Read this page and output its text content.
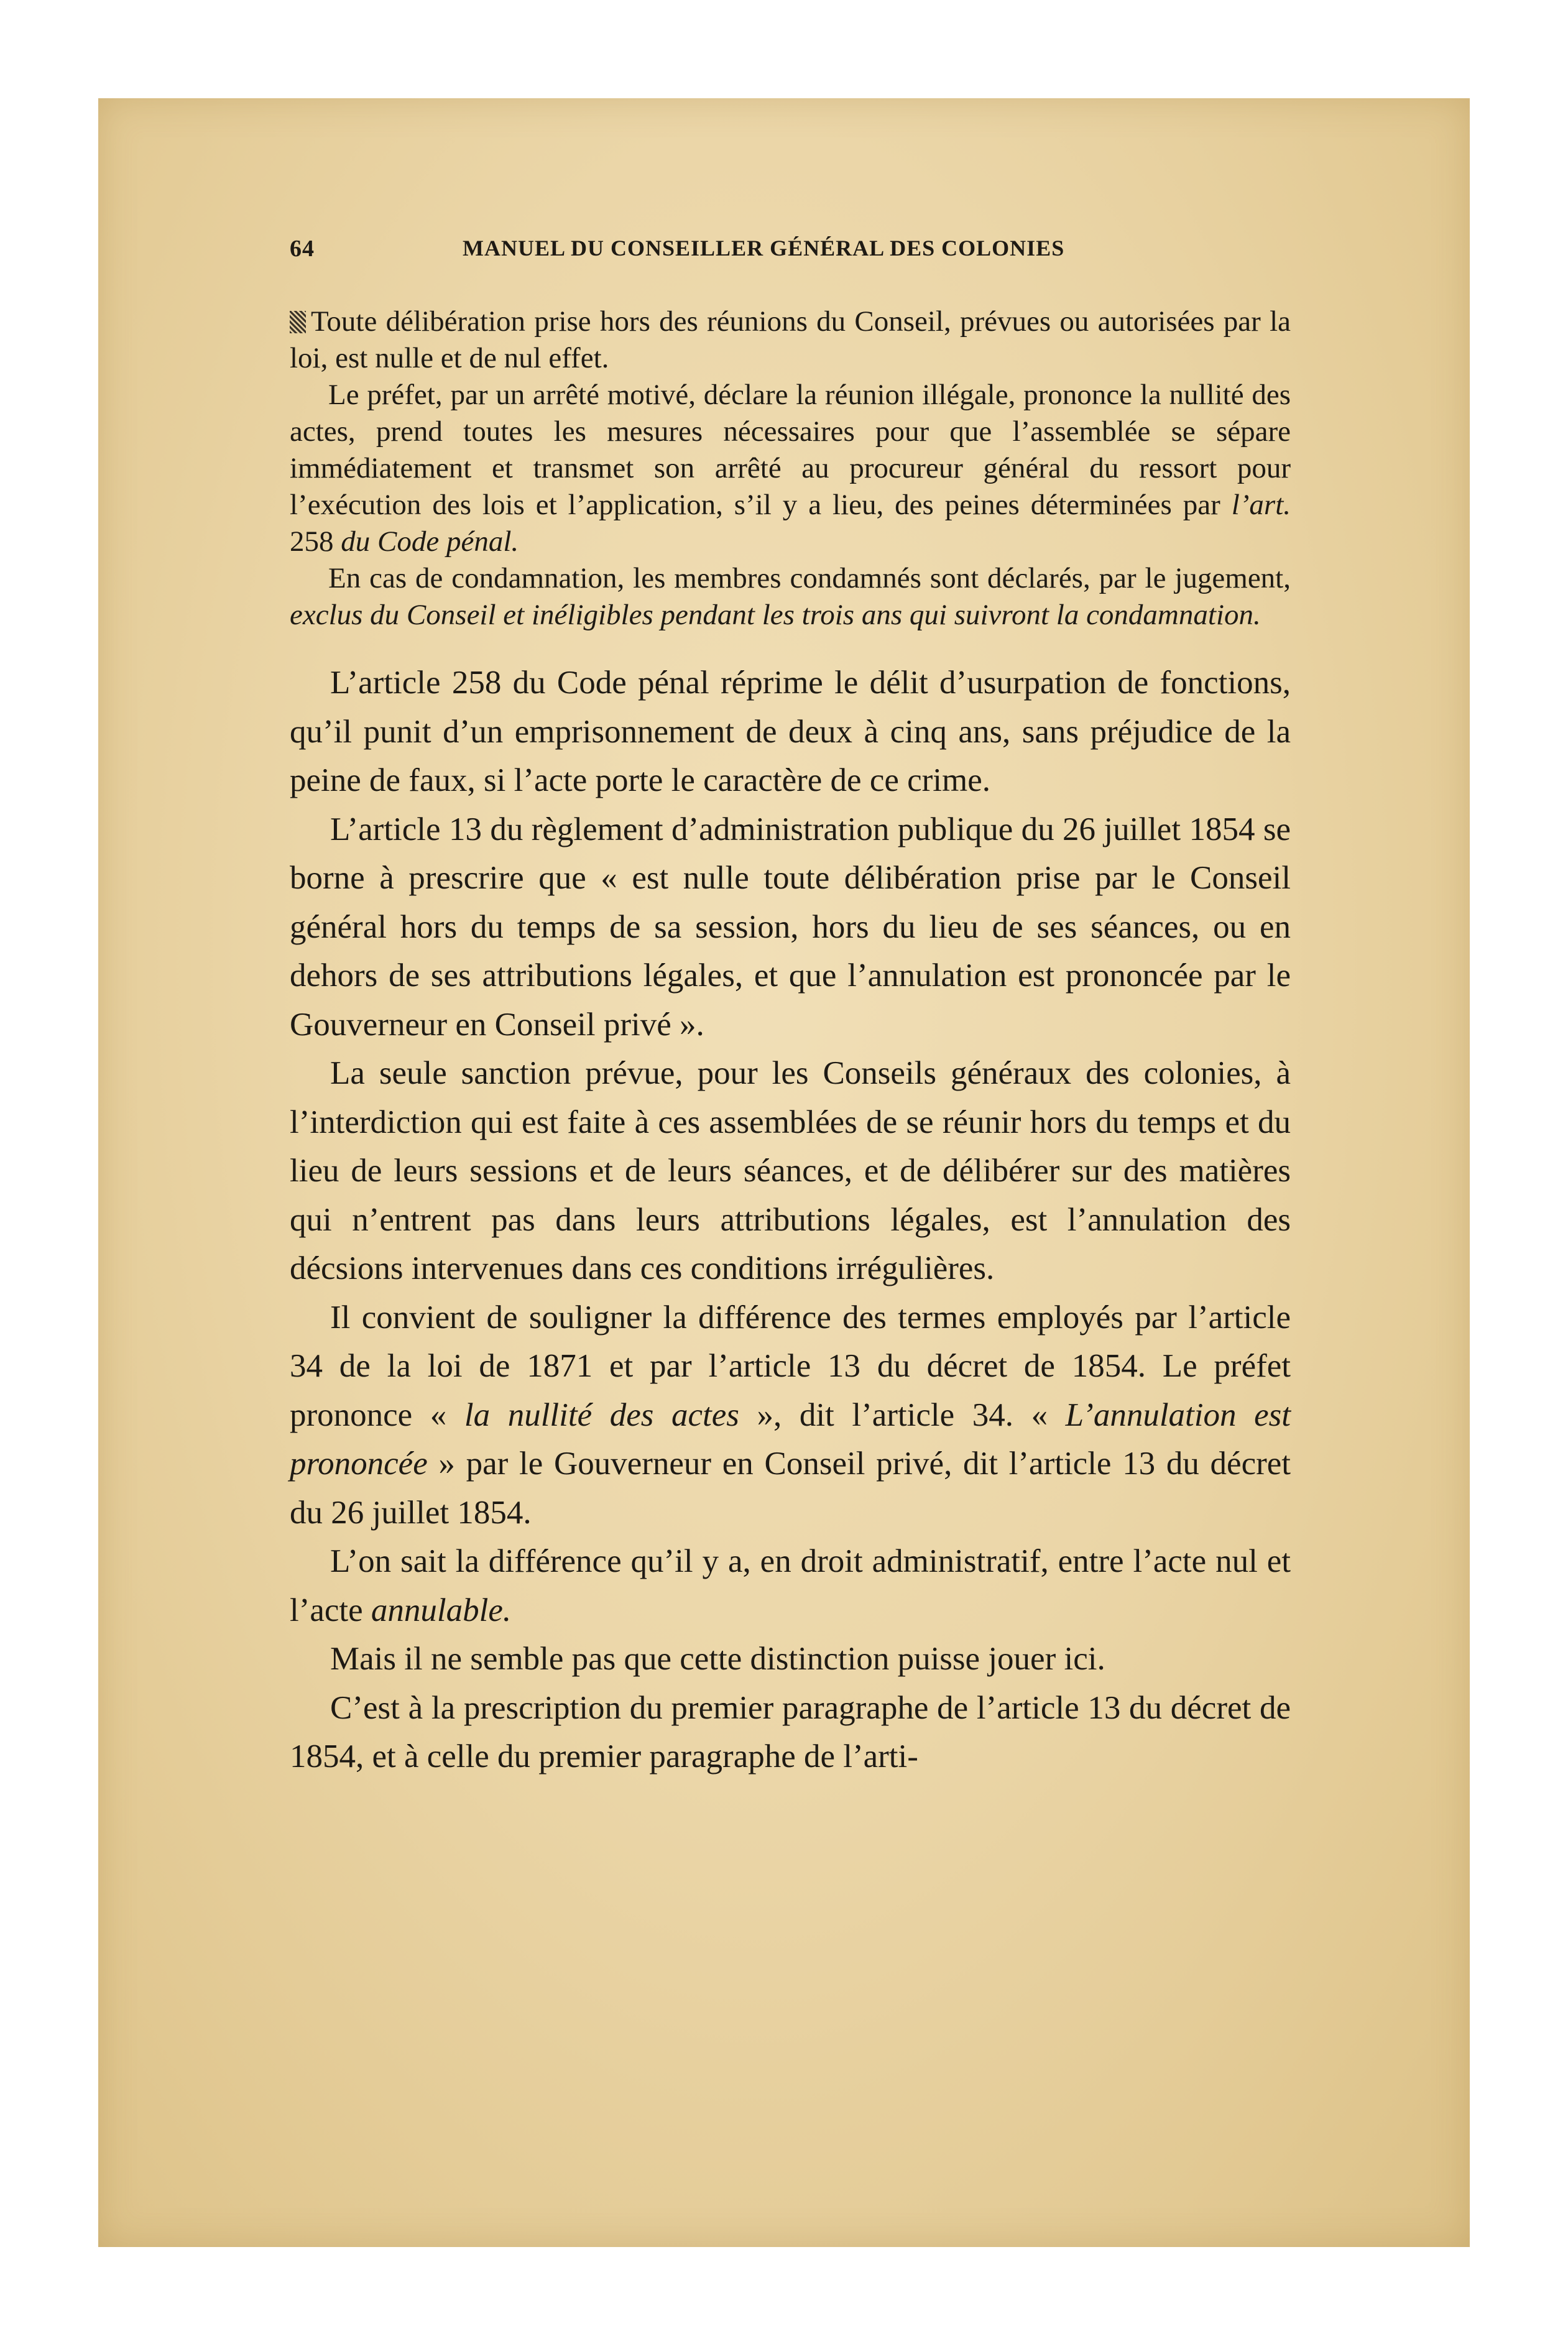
64	MANUEL DU CONSEILLER GÉNÉRAL DES COLONIES

Toute délibération prise hors des réunions du Conseil, prévues ou autorisées par la loi, est nulle et de nul effet.

Le préfet, par un arrêté motivé, déclare la réunion illégale, prononce la nullité des actes, prend toutes les mesures nécessaires pour que l’assemblée se sépare immédiatement et transmet son arrêté au procureur général du ressort pour l’exécution des lois et l’application, s’il y a lieu, des peines déterminées par l’art. 258 du Code pénal.

En cas de condamnation, les membres condamnés sont déclarés, par le jugement, exclus du Conseil et inéligibles pendant les trois ans qui suivront la condamnation.

L’article 258 du Code pénal réprime le délit d’usurpation de fonctions, qu’il punit d’un emprisonnement de deux à cinq ans, sans préjudice de la peine de faux, si l’acte porte le caractère de ce crime.

L’article 13 du règlement d’administration publique du 26 juillet 1854 se borne à prescrire que « est nulle toute délibération prise par le Conseil général hors du temps de sa session, hors du lieu de ses séances, ou en dehors de ses attributions légales, et que l’annulation est prononcée par le Gouverneur en Conseil privé ».

La seule sanction prévue, pour les Conseils généraux des colonies, à l’interdiction qui est faite à ces assemblées de se réunir hors du temps et du lieu de leurs sessions et de leurs séances, et de délibérer sur des matières qui n’entrent pas dans leurs attributions légales, est l’annulation des décsions intervenues dans ces conditions irrégulières.

Il convient de souligner la différence des termes employés par l’article 34 de la loi de 1871 et par l’article 13 du décret de 1854. Le préfet prononce « la nullité des actes », dit l’article 34. « L’annulation est prononcée » par le Gouverneur en Conseil privé, dit l’article 13 du décret du 26 juillet 1854.

L’on sait la différence qu’il y a, en droit administratif, entre l’acte nul et l’acte annulable.

Mais il ne semble pas que cette distinction puisse jouer ici.

C’est à la prescription du premier paragraphe de l’article 13 du décret de 1854, et à celle du premier paragraphe de l’arti-
